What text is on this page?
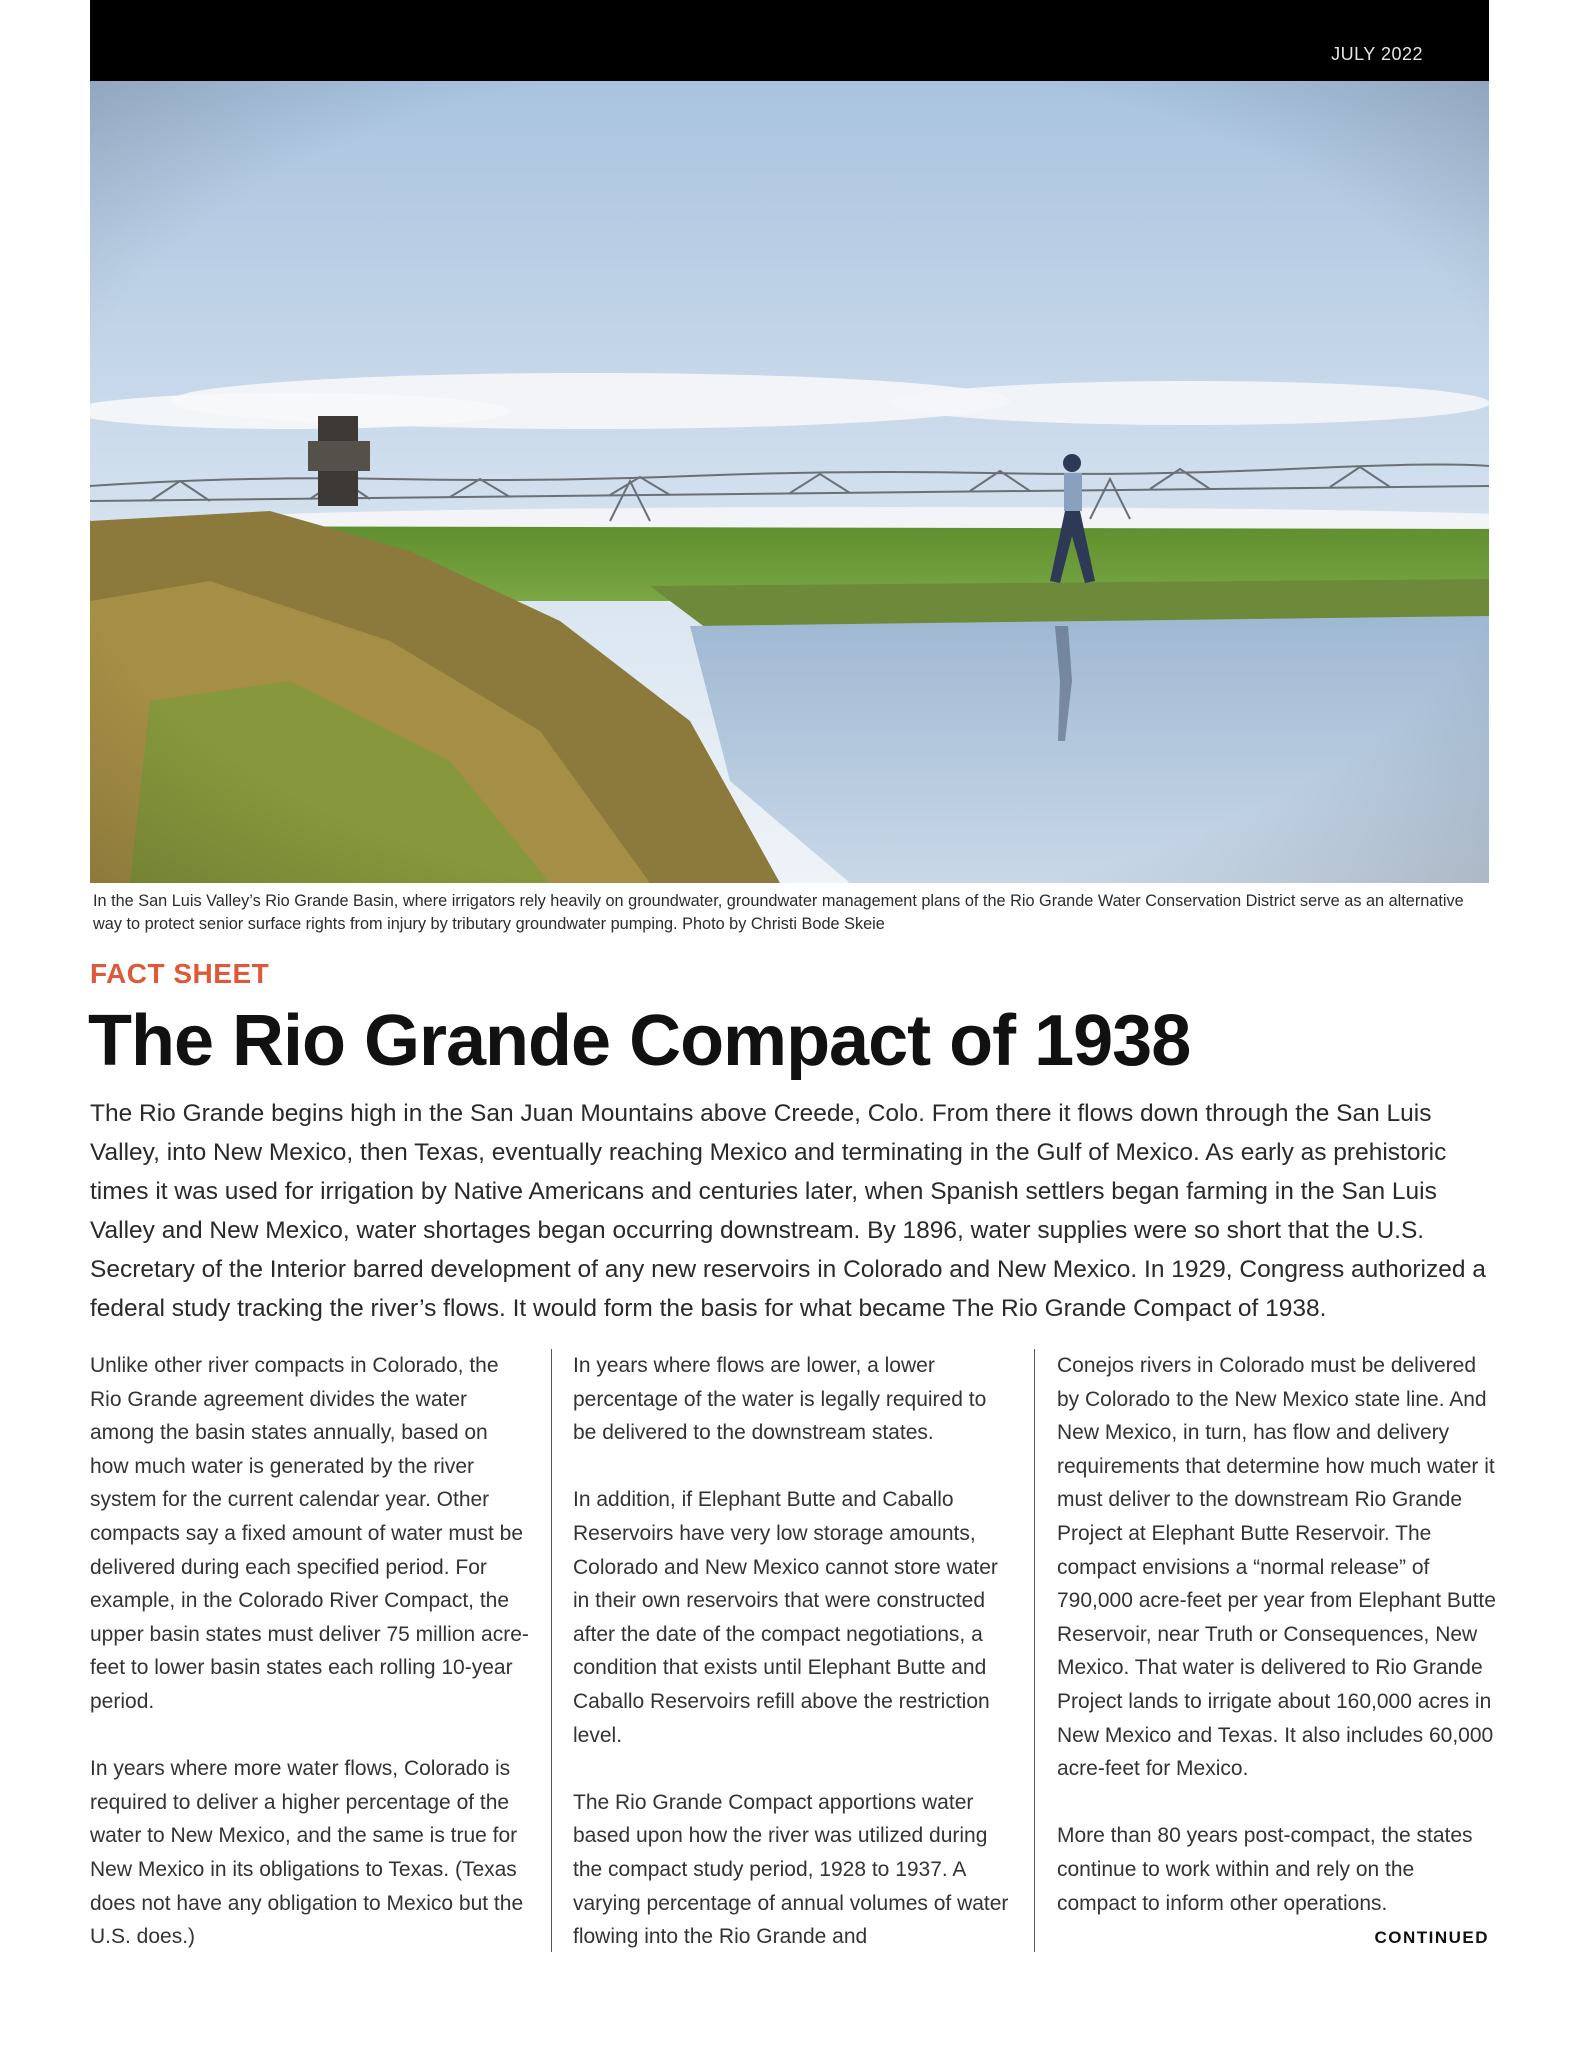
JULY 2022
In the San Luis Valley’s Rio Grande Basin, where irrigators rely heavily on groundwater, groundwater management plans of the Rio Grande Water Conservation District serve as an alternative way to protect senior surface rights from injury by tributary groundwater pumping. Photo by Christi Bode Skeie
FACT SHEET
The Rio Grande Compact of 1938
The Rio Grande begins high in the San Juan Mountains above Creede, Colo. From there it flows down through the San Luis Valley, into New Mexico, then Texas, eventually reaching Mexico and terminating in the Gulf of Mexico. As early as prehistoric times it was used for irrigation by Native Americans and centuries later, when Spanish settlers began farming in the San Luis Valley and New Mexico, water shortages began occurring downstream. By 1896, water supplies were so short that the U.S. Secretary of the Interior barred development of any new reservoirs in Colorado and New Mexico. In 1929, Congress authorized a federal study tracking the river’s flows. It would form the basis for what became The Rio Grande Compact of 1938.

Unlike other river compacts in Colorado, the Rio Grande agreement divides the water among the basin states annually, based on how much water is generated by the river system for the current calendar year. Other compacts say a fixed amount of water must be delivered during each specified period. For example, in the Colorado River Compact, the upper basin states must deliver 75 million acre-feet to lower basin states each rolling 10-year period.

In years where more water flows, Colorado is required to deliver a higher percentage of the water to New Mexico, and the same is true for New Mexico in its obligations to Texas. (Texas does not have any obligation to Mexico but the U.S. does.)

In years where flows are lower, a lower percentage of the water is legally required to be delivered to the downstream states.

In addition, if Elephant Butte and Caballo Reservoirs have very low storage amounts, Colorado and New Mexico cannot store water in their own reservoirs that were constructed after the date of the compact negotiations, a condition that exists until Elephant Butte and Caballo Reservoirs refill above the restriction level.

The Rio Grande Compact apportions water based upon how the river was utilized during the compact study period, 1928 to 1937. A varying percentage of annual volumes of water flowing into the Rio Grande and

Conejos rivers in Colorado must be delivered by Colorado to the New Mexico state line. And New Mexico, in turn, has flow and delivery requirements that determine how much water it must deliver to the downstream Rio Grande Project at Elephant Butte Reservoir. The compact envisions a “normal release” of 790,000 acre-feet per year from Elephant Butte Reservoir, near Truth or Consequences, New Mexico. That water is delivered to Rio Grande Project lands to irrigate about 160,000 acres in New Mexico and Texas. It also includes 60,000 acre-feet for Mexico.

More than 80 years post-compact, the states continue to work within and rely on the compact to inform other operations.

CONTINUED
